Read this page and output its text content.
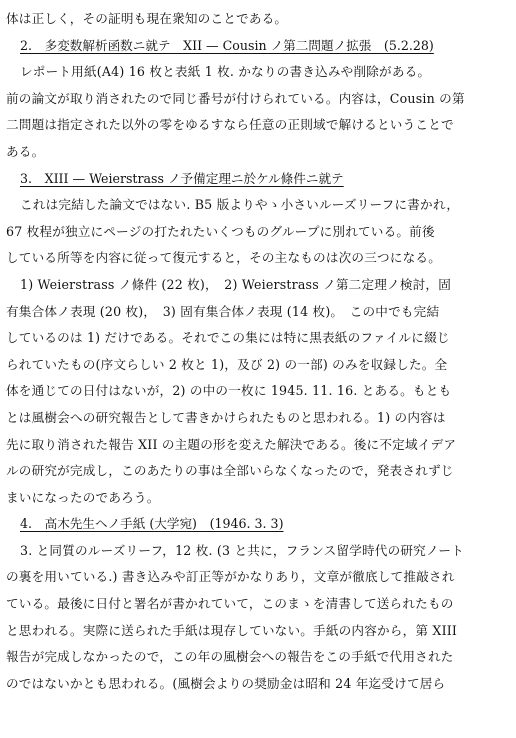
体は正しく，その証明も現在衆知のことである。
2.　多変数解析函数ニ就テ　XII — Cousin ノ第二問題ノ拡張　(5.2.28)
レポート用紙(A4) 16 枚と表紙 1 枚. かなりの書き込みや削除がある。
前の論文が取り消されたので同じ番号が付けられている。内容は，Cousin の第
二問題は指定された以外の零をゆるすなら任意の正則域で解けるということで
ある。
3.　XIII — Weierstrass ノ予備定理ニ於ケル條件ニ就テ
これは完結した論文ではない. B5 版よりやゝ小さいルーズリーフに書かれ，
67 枚程が独立にページの打たれたいくつものグループに別れている。前後
している所等を内容に従って復元すると，その主なものは次の三つになる。
1) Weierstrass ノ條件 (22 枚)，　2) Weierstrass ノ第二定理ノ検討，固
有集合体ノ表現 (20 枚)，　3) 固有集合体ノ表現 (14 枚)。　この中でも完結
しているのは 1) だけである。それでこの集には特に黒表紙のファイルに綴じ
られていたもの(序文らしい 2 枚と 1)，及び 2) の一部) のみを収録した。全
体を通じての日付はないが，2) の中の一枚に 1945. 11. 16. とある。もとも
とは風樹会への研究報告として書きかけられたものと思われる。1) の内容は
先に取り消された報告 XII の主題の形を変えた解決である。後に不定域イデア
ルの研究が完成し，このあたりの事は全部いらなくなったので，発表されずじ
まいになったのであろう。
4.　高木先生ヘノ手紙 (大学宛)　(1946. 3. 3)
3. と同質のルーズリーフ，12 枚. (3 と共に，フランス留学時代の研究ノート
の裏を用いている.) 書き込みや訂正等がかなりあり，文章が徹底して推敲され
ている。最後に日付と署名が書かれていて，このまゝを清書して送られたもの
と思われる。実際に送られた手紙は現存していない。手紙の内容から，第 XIII
報告が完成しなかったので，この年の風樹会への報告をこの手紙で代用された
のではないかとも思われる。(風樹会よりの奨励金は昭和 24 年迄受けて居ら
